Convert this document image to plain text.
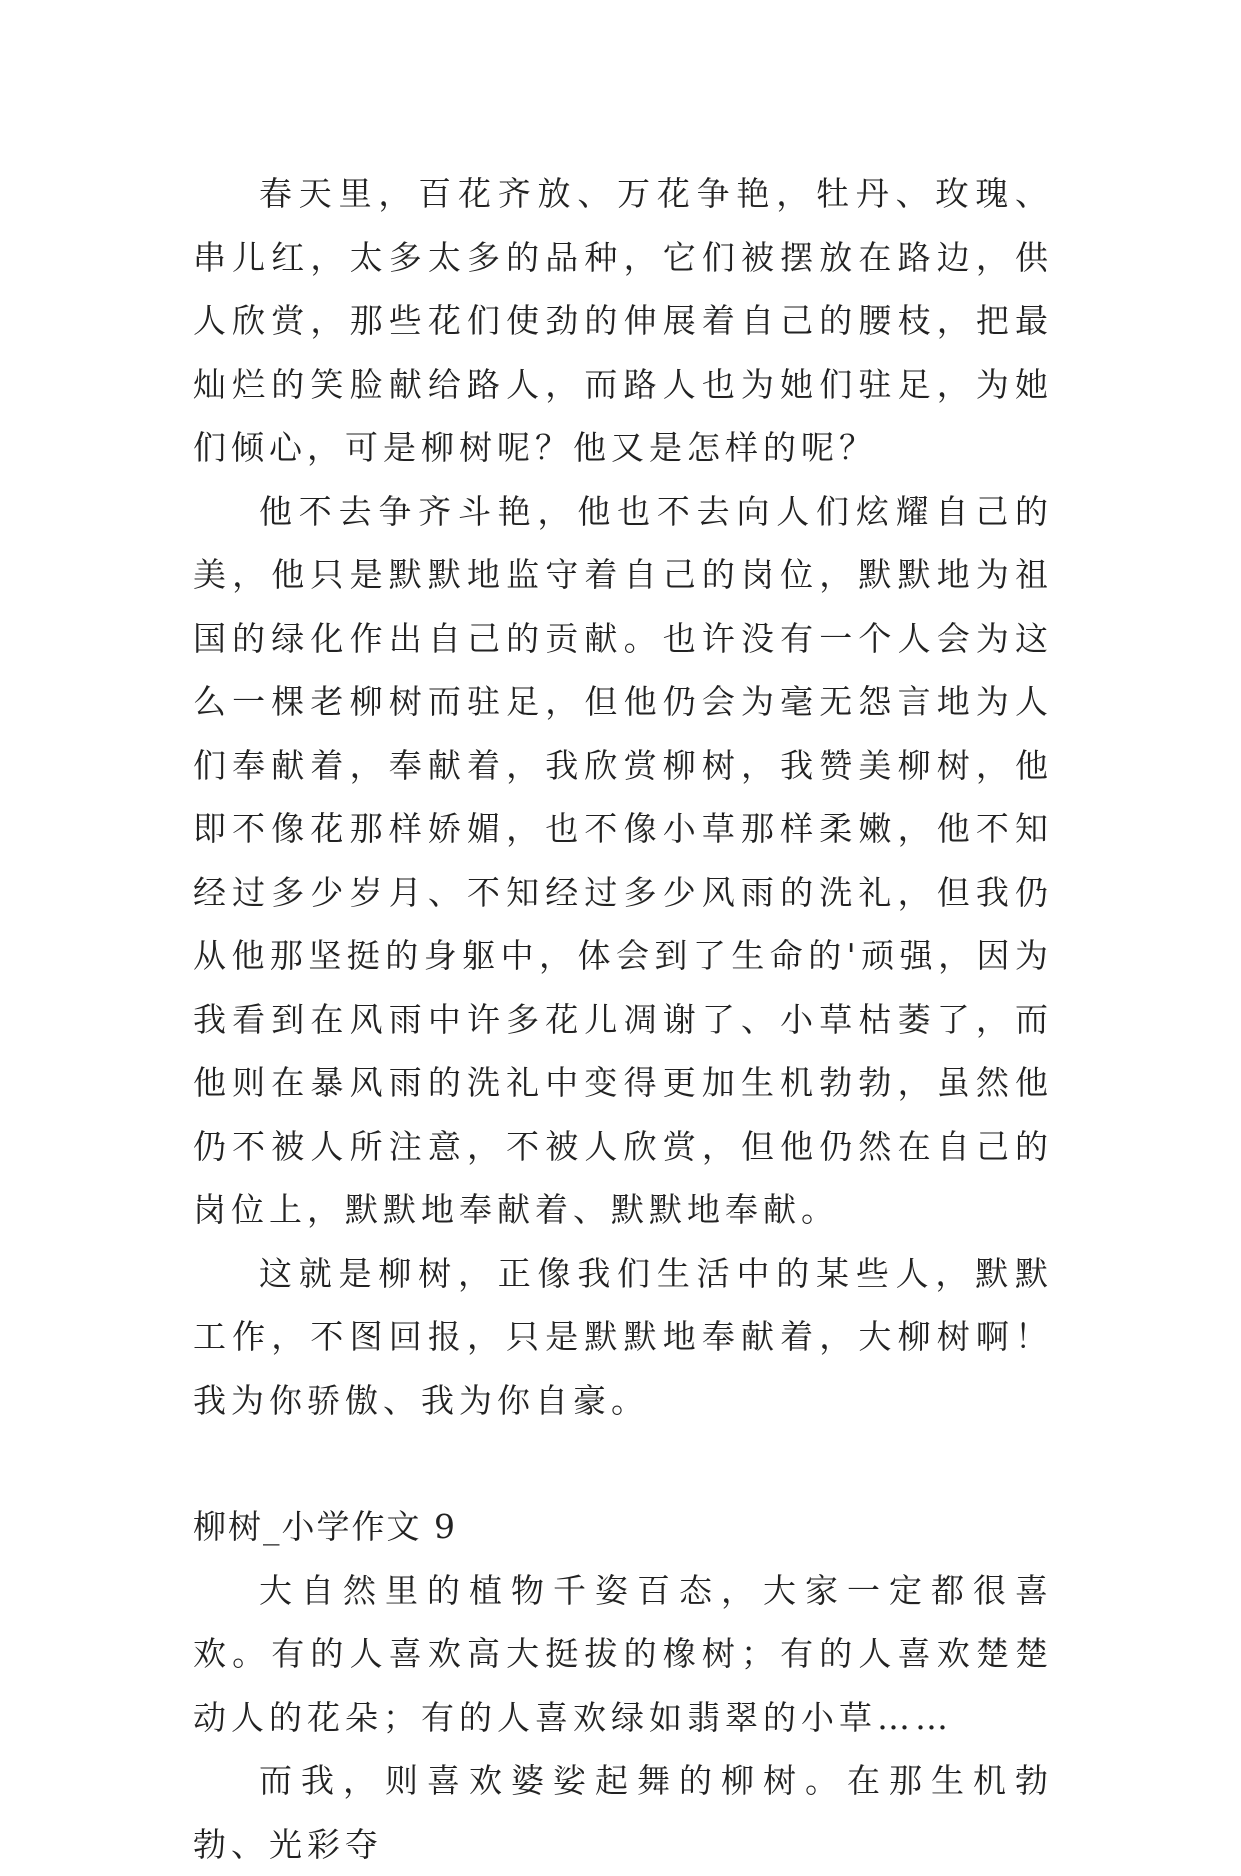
春天里，百花齐放、万花争艳，牡丹、玫瑰、串儿红，太多太多的品种，它们被摆放在路边，供人欣赏，那些花们使劲的伸展着自己的腰枝，把最灿烂的笑脸献给路人，而路人也为她们驻足，为她们倾心，可是柳树呢？他又是怎样的呢？

他不去争齐斗艳，他也不去向人们炫耀自己的美，他只是默默地监守着自己的岗位，默默地为祖国的绿化作出自己的贡献。也许没有一个人会为这么一棵老柳树而驻足，但他仍会为毫无怨言地为人们奉献着，奉献着，我欣赏柳树，我赞美柳树，他即不像花那样娇媚，也不像小草那样柔嫩，他不知经过多少岁月、不知经过多少风雨的洗礼，但我仍从他那坚挺的身躯中，体会到了生命的'顽强，因为我看到在风雨中许多花儿凋谢了、小草枯萎了，而他则在暴风雨的洗礼中变得更加生机勃勃，虽然他仍不被人所注意，不被人欣赏，但他仍然在自己的岗位上，默默地奉献着、默默地奉献。

这就是柳树，正像我们生活中的某些人，默默工作，不图回报，只是默默地奉献着，大柳树啊！我为你骄傲、我为你自豪。

柳树_小学作文 9

大自然里的植物千姿百态，大家一定都很喜欢。有的人喜欢高大挺拔的橡树；有的人喜欢楚楚动人的花朵；有的人喜欢绿如翡翠的小草……

而我，则喜欢婆娑起舞的柳树。在那生机勃勃、光彩夺
